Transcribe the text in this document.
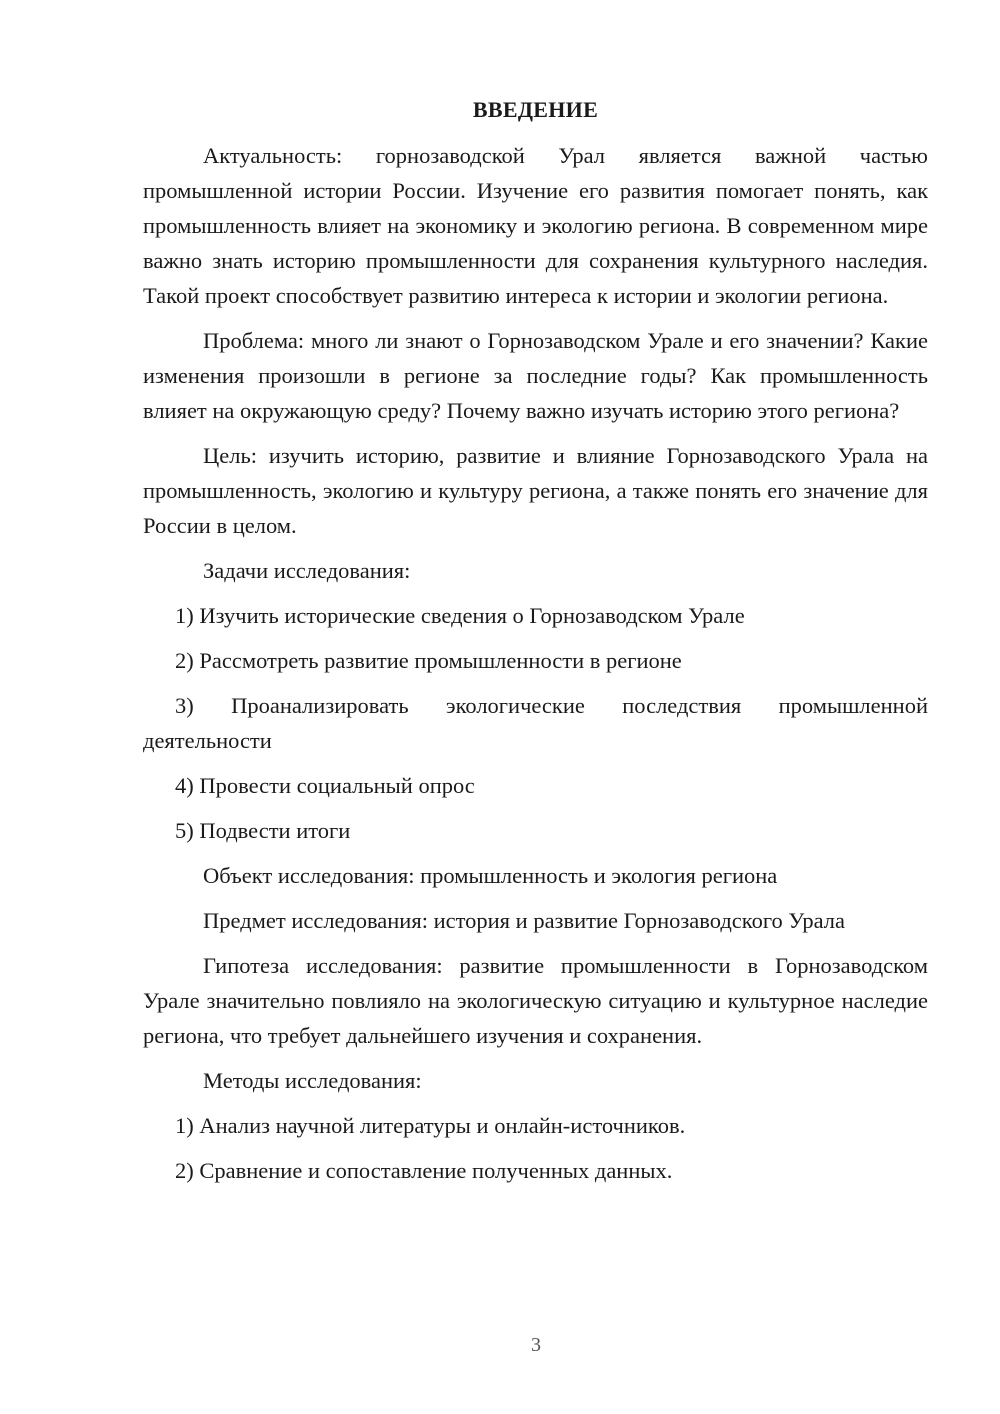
ВВЕДЕНИЕ

Актуальность: горнозаводской Урал является важной частью промышленной истории России. Изучение его развития помогает понять, как промышленность влияет на экономику и экологию региона. В современном мире важно знать историю промышленности для сохранения культурного наследия. Такой проект способствует развитию интереса к истории и экологии региона.

Проблема: много ли знают о Горнозаводском Урале и его значении? Какие изменения произошли в регионе за последние годы? Как промышленность влияет на окружающую среду? Почему важно изучать историю этого региона?

Цель: изучить историю, развитие и влияние Горнозаводского Урала на промышленность, экологию и культуру региона, а также понять его значение для России в целом.

Задачи исследования:

1) Изучить исторические сведения о Горнозаводском Урале

2) Рассмотреть развитие промышленности в регионе

3) Проанализировать экологические последствия промышленной деятельности

4) Провести социальный опрос

5) Подвести итоги

Объект исследования: промышленность и экология региона

Предмет исследования: история и развитие Горнозаводского Урала

Гипотеза исследования: развитие промышленности в Горнозаводском Урале значительно повлияло на экологическую ситуацию и культурное наследие региона, что требует дальнейшего изучения и сохранения.

Методы исследования:

1) Анализ научной литературы и онлайн-источников.

2) Сравнение и сопоставление полученных данных.

3
